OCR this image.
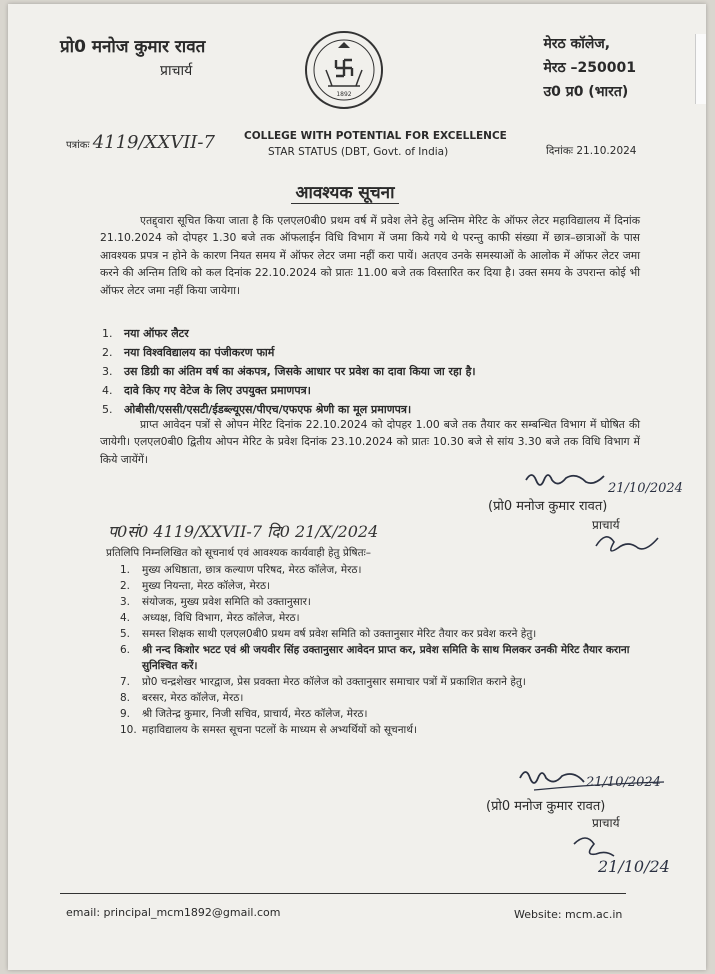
प्रो0 मनोज कुमार रावत
प्राचार्य
1892
मेरठ कॉलेज,
मेरठ –250001
उ0 प्र0 (भारत)
पत्रांकः 4119/XXVII-7	COLLEGE WITH POTENTIAL FOR EXCELLENCE
STAR STATUS (DBT, Govt. of India)	दिनांकः 21.10.2024
आवश्यक सूचना
एतद्द्वारा सूचित किया जाता है कि एलएल0बी0 प्रथम वर्ष में प्रवेश लेने हेतु अन्तिम मेरिट के ऑफर लेटर महाविद्यालय में दिनांक 21.10.2024 को दोपहर 1.30 बजे तक ऑफलाईन विधि विभाग में जमा किये गये थे परन्तु काफी संख्या में छात्र–छात्राओं के पास आवश्यक प्रपत्र न होने के कारण नियत समय में ऑफर लेटर जमा नहीं करा पायें। अतएव उनके समस्याओं के आलोक में ऑफर लेटर जमा करने की अन्तिम तिथि को कल दिनांक 22.10.2024 को प्रातः 11.00 बजे तक विस्तारित कर दिया है। उक्त समय के उपरान्त कोई भी ऑफर लेटर जमा नहीं किया जायेगा।
1. नया ऑफर लैटर
2. नया विश्वविद्यालय का पंजीकरण फार्म
3. उस डिग्री का अंतिम वर्ष का अंकपत्र, जिसके आधार पर प्रवेश का दावा किया जा रहा है।
4. दावे किए गए वेटेज के लिए उपयुक्त प्रमाणपत्र।
5. ओबीसी/एससी/एसटी/ईडब्ल्यूएस/पीएच/एफएफ श्रेणी का मूल प्रमाणपत्र।
प्राप्त आवेदन पत्रों से ओपन मेरिट दिनांक 22.10.2024 को दोपहर 1.00 बजे तक तैयार कर सम्बन्धित विभाग में घोषित की जायेगी। एलएल0बी0 द्वितीय ओपन मेरिट के प्रवेश दिनांक 23.10.2024 को प्रातः 10.30 बजे से सांय 3.30 बजे तक विधि विभाग में किये जायेंगें।
21/10/2024
(प्रो0 मनोज कुमार रावत)
प्राचार्य
प0सं0 4119/XXVII-7 दि0 21/X/2024
प्रतिलिपि निम्नलिखित को सूचनार्थ एवं आवश्यक कार्यवाही हेतु प्रेषितः–
1.	मुख्य अधिष्ठाता, छात्र कल्याण परिषद, मेरठ कॉलेज, मेरठ।
2.	मुख्य नियन्ता, मेरठ कॉलेज, मेरठ।
3.	संयोजक, मुख्य प्रवेश समिति को उक्तानुसार।
4.	अध्यक्ष, विधि विभाग, मेरठ कॉलेज, मेरठ।
5.	समस्त शिक्षक साथी एलएल0बी0 प्रथम वर्ष प्रवेश समिति को उक्तानुसार मेरिट तैयार कर प्रवेश करने हेतु।
6.	श्री नन्द किशोर भटट एवं श्री जयवीर सिंह उक्तानुसार आवेदन प्राप्त कर, प्रवेश समिति के साथ मिलकर उनकी मेरिट तैयार कराना सुनिश्चित करें।
7.	प्रो0 चन्द्रशेखर भारद्वाज, प्रेस प्रवक्ता मेरठ कॉलेज को उक्तानुसार समाचार पत्रों में प्रकाशित कराने हेतु।
8.	बरसर, मेरठ कॉलेज, मेरठ।
9.	श्री जितेन्द्र कुमार, निजी सचिव, प्राचार्य, मेरठ कॉलेज, मेरठ।
10. महाविद्यालय के समस्त सूचना पटलों के माध्यम से अभ्यर्थियों को सूचनार्थ।
21/10/2024
(प्रो0 मनोज कुमार रावत)
प्राचार्य
21/10/24
email: principal_mcm1892@gmail.com	Website: mcm.ac.in
